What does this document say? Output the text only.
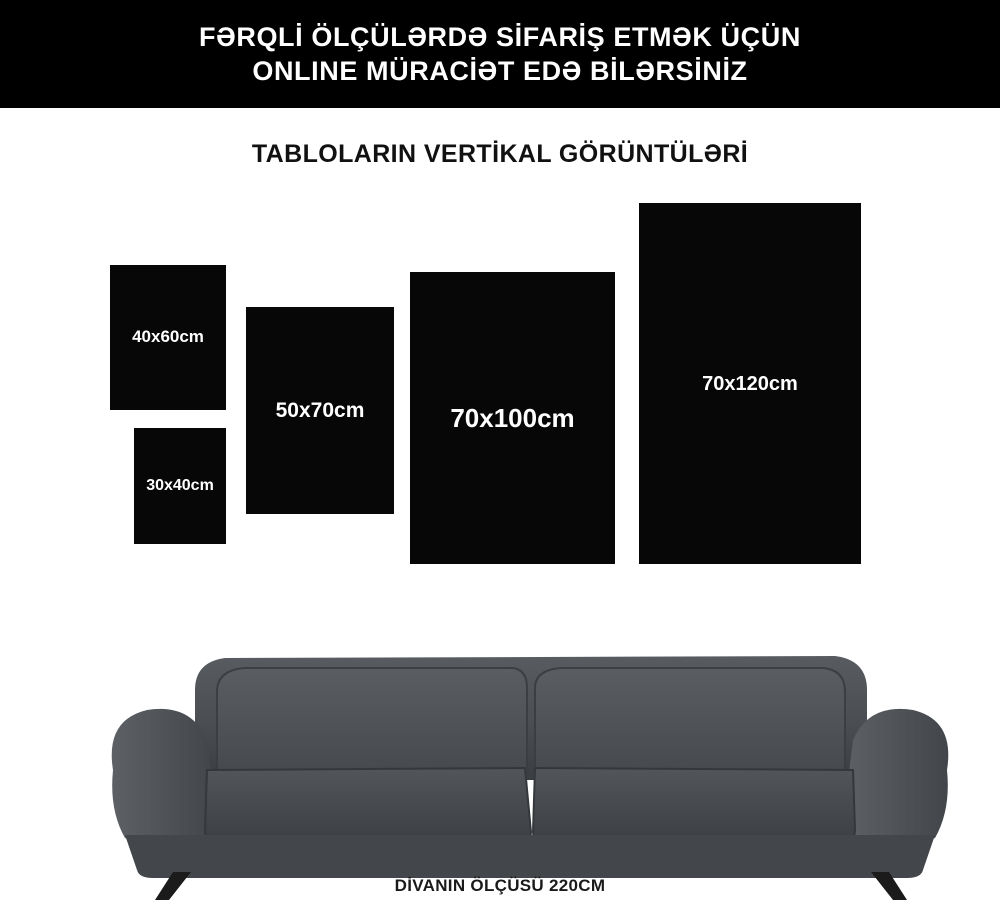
FƏRQLİ ÖLÇÜLƏRDƏ SİFARİŞ ETMƏK ÜÇÜN
ONLINE MÜRACİƏT EDƏ BİLƏRSİNİZ
TABLOLARIN VERTİKAL GÖRÜNTÜLƏRİ
40x60cm
30x40cm
50x70cm	70x100cm
70x120cm
DİVANIN ÖLÇÜSÜ 220CM
